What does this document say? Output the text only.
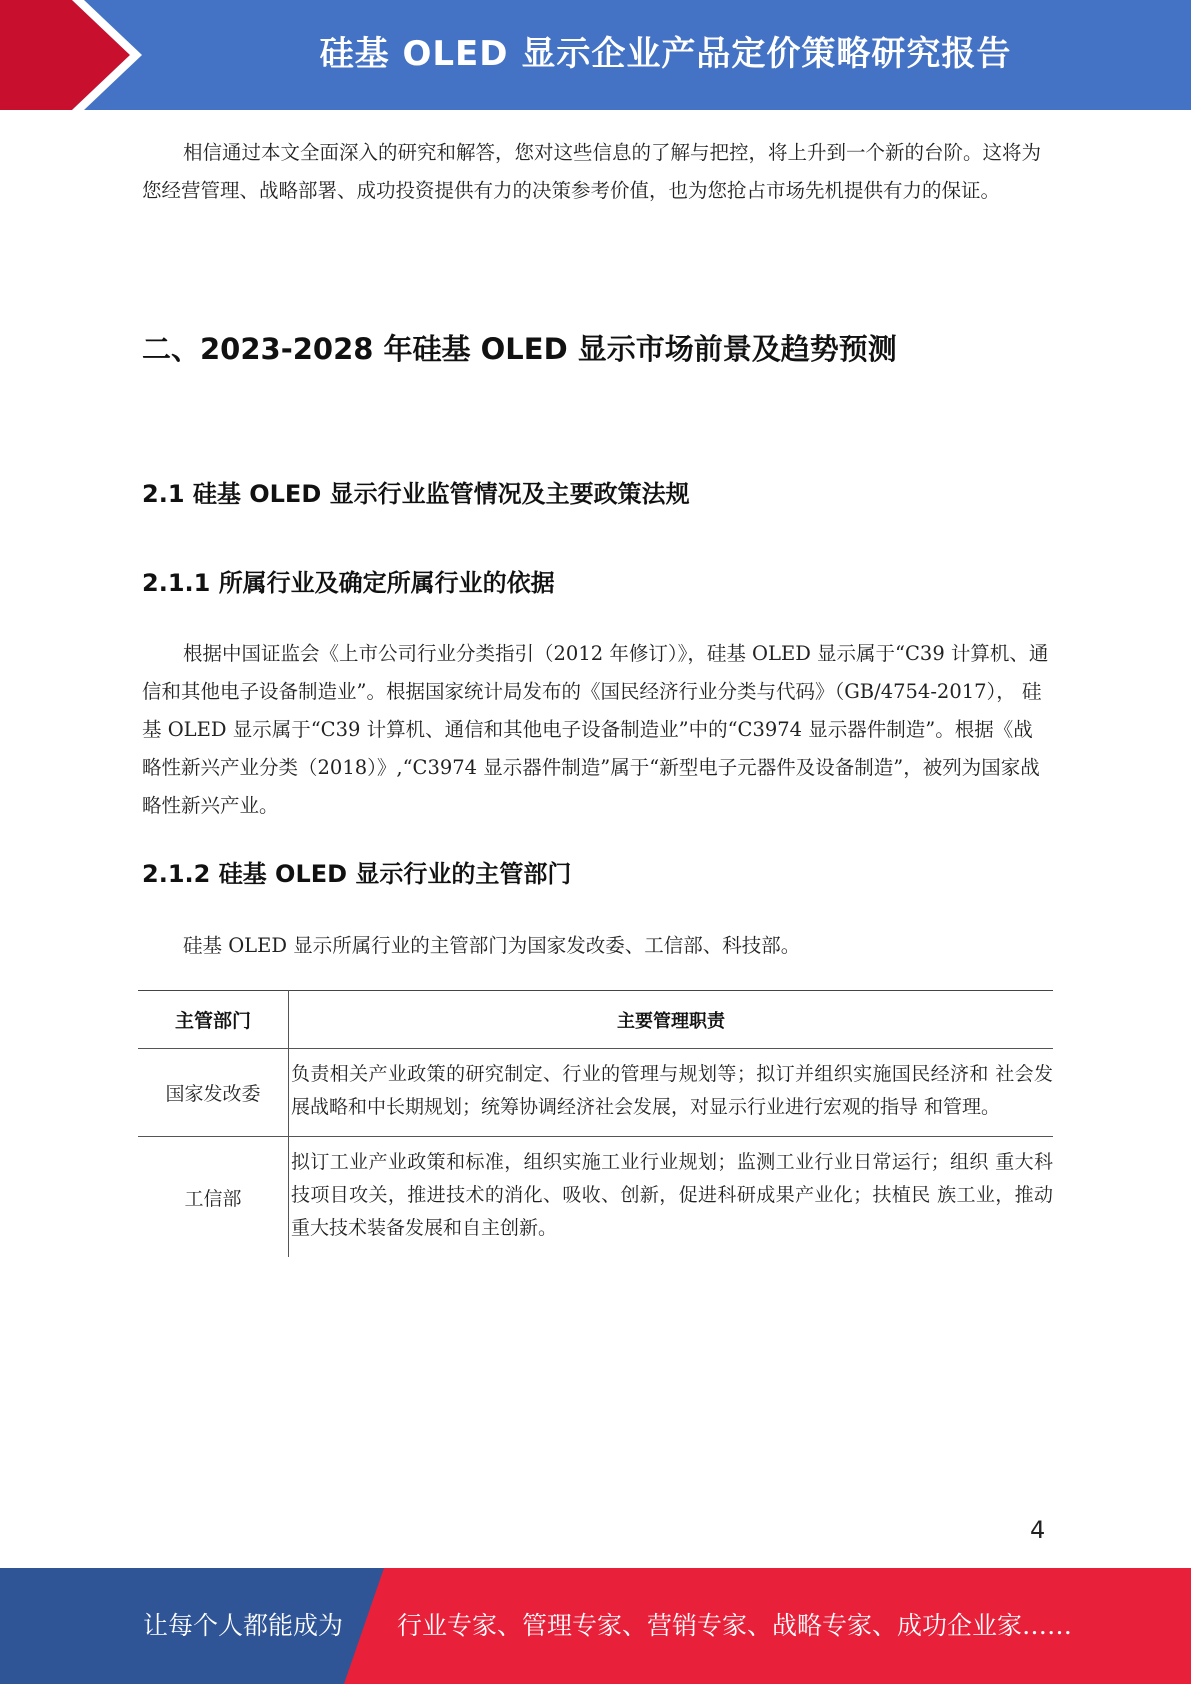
硅基 OLED 显示企业产品定价策略研究报告

相信通过本文全面深入的研究和解答，您对这些信息的了解与把控，将上升到一个新的台阶。这将为您经营管理、战略部署、成功投资提供有力的决策参考价值，也为您抢占市场先机提供有力的保证。

二、2023-2028 年硅基 OLED 显示市场前景及趋势预测
2.1 硅基 OLED 显示行业监管情况及主要政策法规
2.1.1 所属行业及确定所属行业的依据

根据中国证监会《上市公司行业分类指引（2012 年修订）》，硅基 OLED 显示属于“C39 计算机、通信和其他电子设备制造业”。根据国家统计局发布的《国民经济行业分类与代码》（GB/4754-2017）， 硅基 OLED 显示属于“C39 计算机、通信和其他电子设备制造业”中的“C3974 显示器件制造”。根据《战略性新兴产业分类（2018）》,“C3974 显示器件制造”属于“新型电子元器件及设备制造”，被列为国家战略性新兴产业。

2.1.2 硅基 OLED 显示行业的主管部门

硅基 OLED 显示所属行业的主管部门为国家发改委、工信部、科技部。

主管部门	主要管理职责
国家发改委	负责相关产业政策的研究制定、行业的管理与规划等；拟订并组织实施国民经济和 社会发展战略和中长期规划；统筹协调经济社会发展，对显示行业进行宏观的指导 和管理。
工信部	拟订工业产业政策和标准，组织实施工业行业规划；监测工业行业日常运行；组织 重大科技项目攻关，推进技术的消化、吸收、创新，促进科研成果产业化；扶植民 族工业，推动重大技术装备发展和自主创新。
4
让每个人都能成为 行业专家、管理专家、营销专家、战略专家、成功企业家……
